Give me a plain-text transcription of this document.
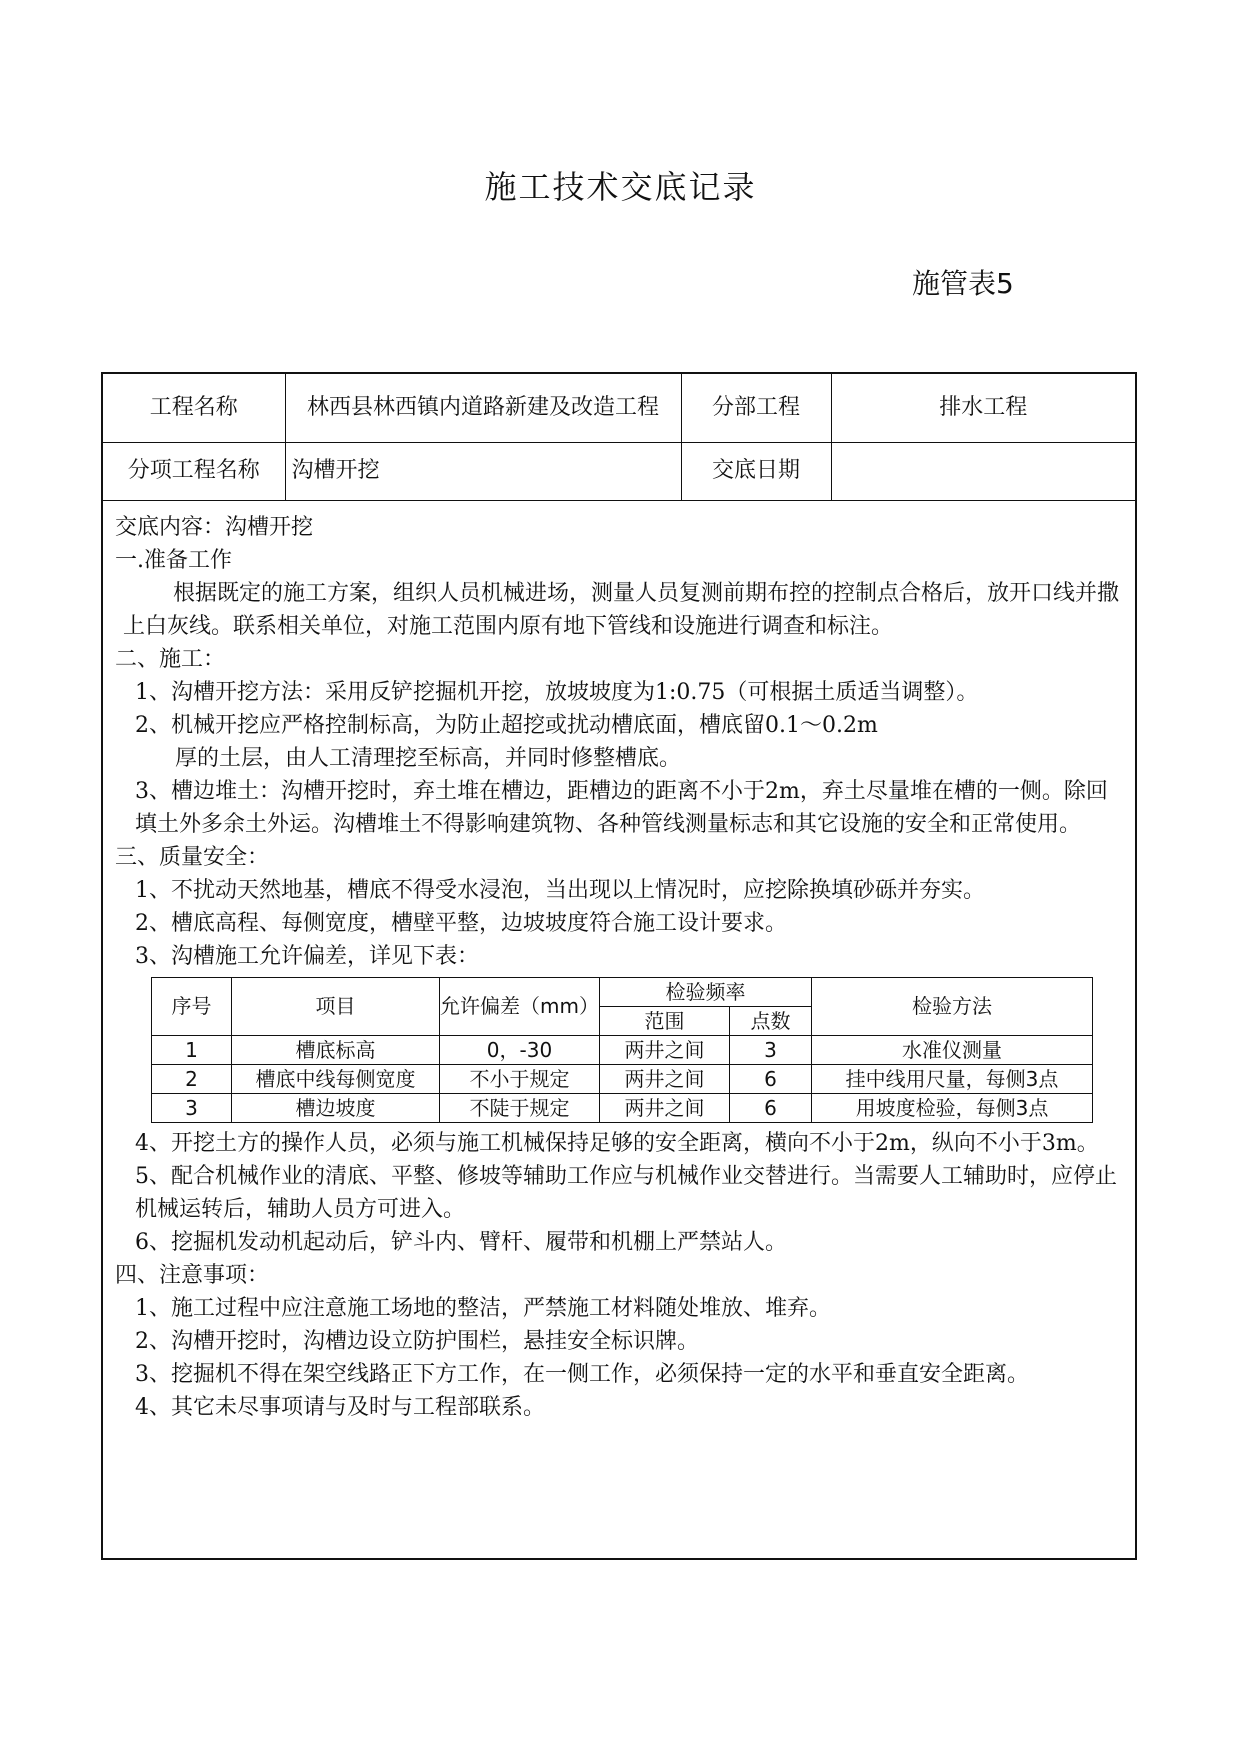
施工技术交底记录
施管表5
工程名称	林西县林西镇内道路新建及改造工程	分部工程	排水工程
分项工程名称	沟槽开挖	交底日期	

交底内容：沟槽开挖

一.准备工作

根据既定的施工方案，组织人员机械进场，测量人员复测前期布控的控制点合格后，放开口线并撒上白灰线。联系相关单位，对施工范围内原有地下管线和设施进行调查和标注。

二、施工：

1、沟槽开挖方法：采用反铲挖掘机开挖，放坡坡度为1:0.75（可根据土质适当调整）。

2、机械开挖应严格控制标高，为防止超挖或扰动槽底面，槽底留0.1～0.2m

厚的土层，由人工清理挖至标高，并同时修整槽底。

3、槽边堆土：沟槽开挖时，弃土堆在槽边，距槽边的距离不小于2m，弃土尽量堆在槽的一侧。除回填土外多余土外运。沟槽堆土不得影响建筑物、各种管线测量标志和其它设施的安全和正常使用。

三、质量安全：

1、不扰动天然地基，槽底不得受水浸泡，当出现以上情况时，应挖除换填砂砾并夯实。

2、槽底高程、每侧宽度，槽壁平整，边坡坡度符合施工设计要求。

3、沟槽施工允许偏差，详见下表：

序号	项目	允许偏差（mm）	检验频率		检验方法
			范围	点数	
1	槽底标高	0，-30	两井之间	3	水准仪测量
2	槽底中线每侧宽度	不小于规定	两井之间	6	挂中线用尺量，每侧3点
3	槽边坡度	不陡于规定	两井之间	6	用坡度检验，每侧3点

4、开挖土方的操作人员，必须与施工机械保持足够的安全距离，横向不小于2m，纵向不小于3m。

5、配合机械作业的清底、平整、修坡等辅助工作应与机械作业交替进行。当需要人工辅助时，应停止机械运转后，辅助人员方可进入。

6、挖掘机发动机起动后，铲斗内、臂杆、履带和机棚上严禁站人。

四、注意事项：

1、施工过程中应注意施工场地的整洁，严禁施工材料随处堆放、堆弃。

2、沟槽开挖时，沟槽边设立防护围栏，悬挂安全标识牌。

3、挖掘机不得在架空线路正下方工作，在一侧工作，必须保持一定的水平和垂直安全距离。

4、其它未尽事项请与及时与工程部联系。
